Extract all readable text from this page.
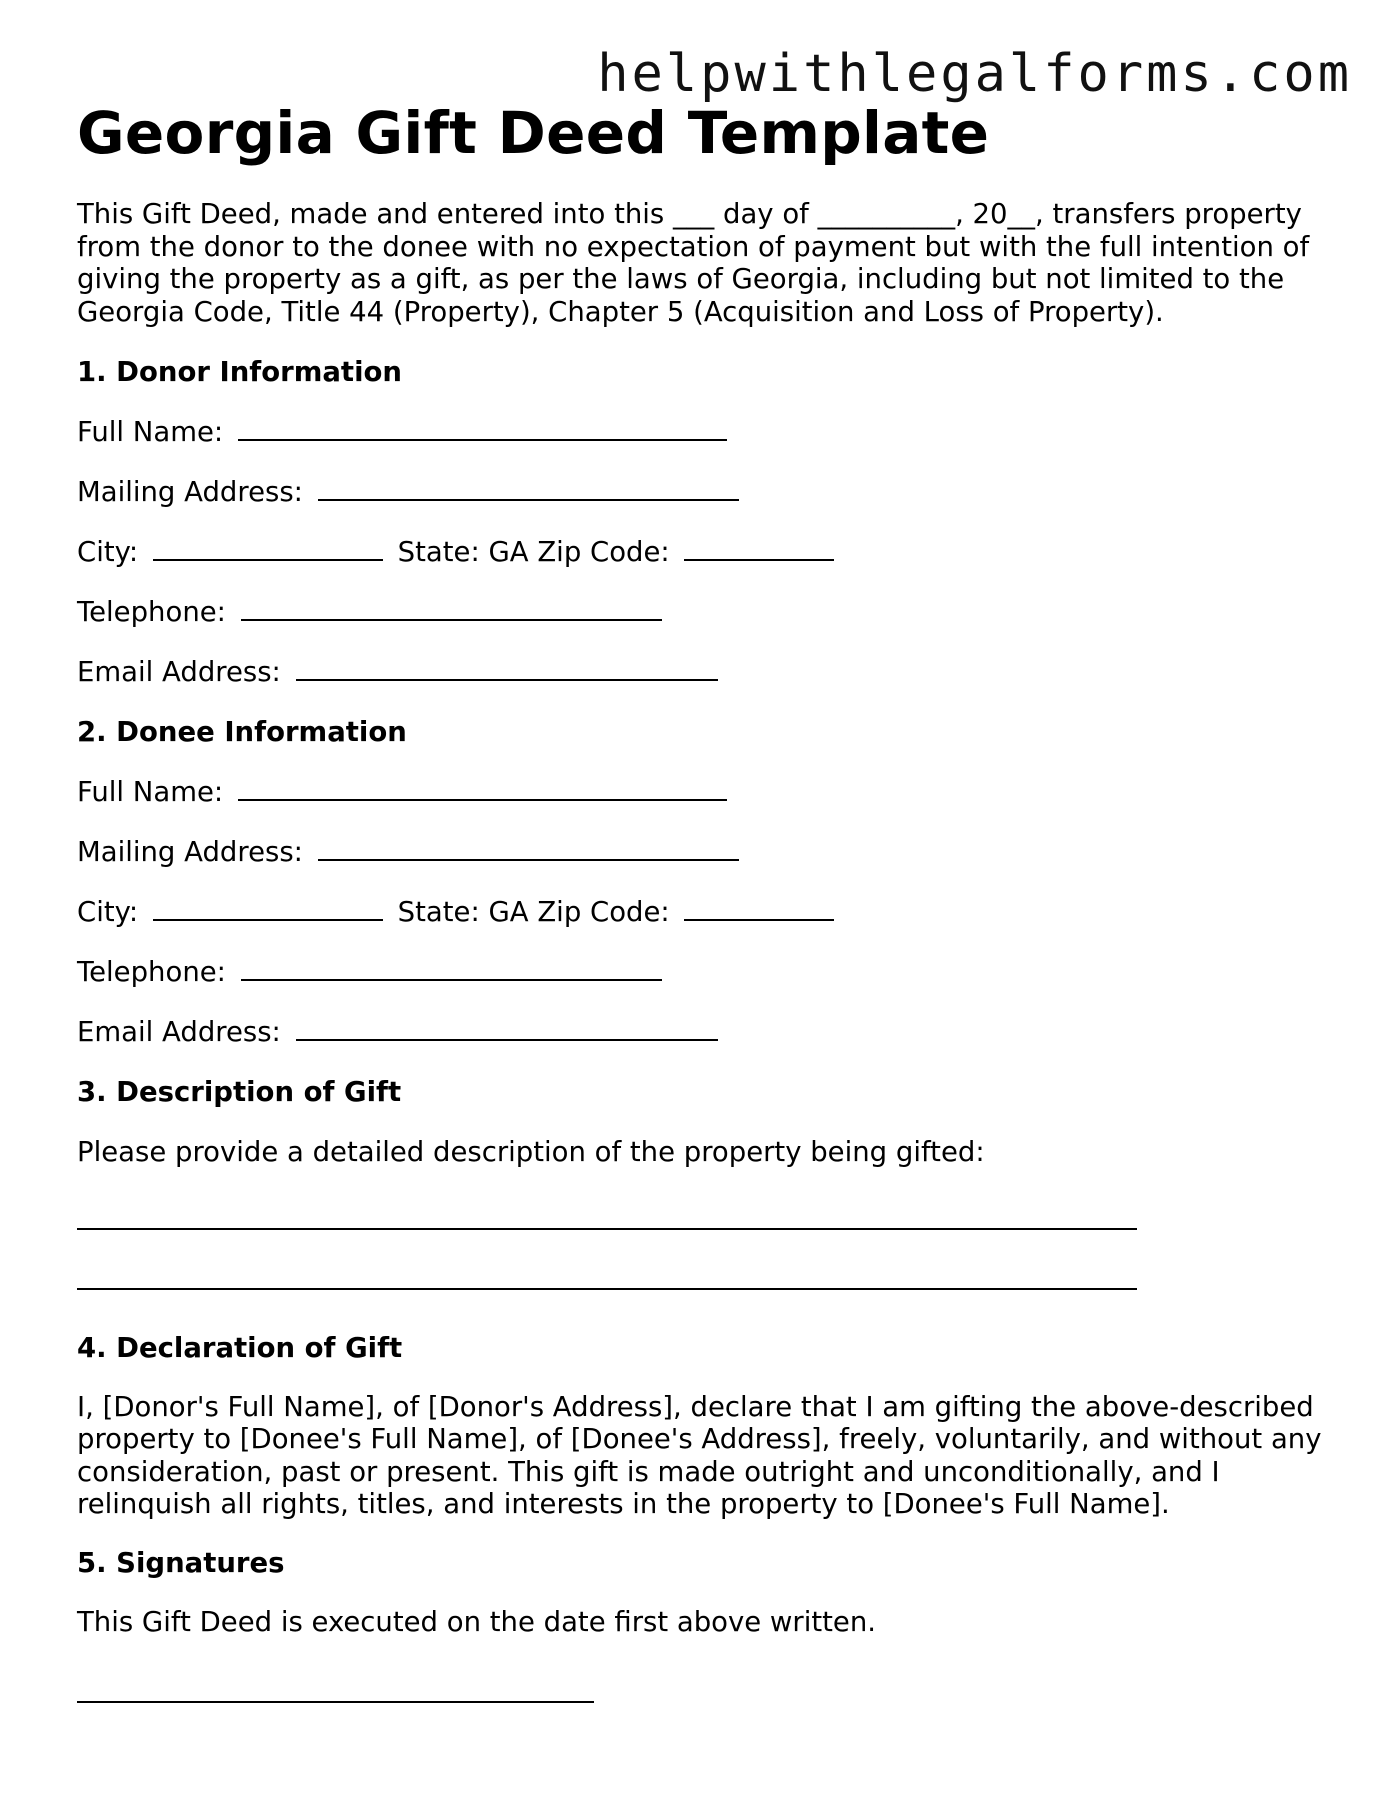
helpwithlegalforms.com
Georgia Gift Deed Template

This Gift Deed, made and entered into this ___ day of __________, 20__, transfers property from the donor to the donee with no expectation of payment but with the full intention of giving the property as a gift, as per the laws of Georgia, including but not limited to the Georgia Code, Title 44 (Property), Chapter 5 (Acquisition and Loss of Property).

1. Donor Information
Full Name:
Mailing Address:
City:	State: GA Zip Code:
Telephone:
Email Address:
2. Donee Information
Full Name:
Mailing Address:
City:	State: GA Zip Code:
Telephone:
Email Address:
3. Description of Gift

Please provide a detailed description of the property being gifted:

4. Declaration of Gift

I, [Donor's Full Name], of [Donor's Address], declare that I am gifting the above-described property to [Donee's Full Name], of [Donee's Address], freely, voluntarily, and without any consideration, past or present. This gift is made outright and unconditionally, and I relinquish all rights, titles, and interests in the property to [Donee's Full Name].

5. Signatures

This Gift Deed is executed on the date first above written.
